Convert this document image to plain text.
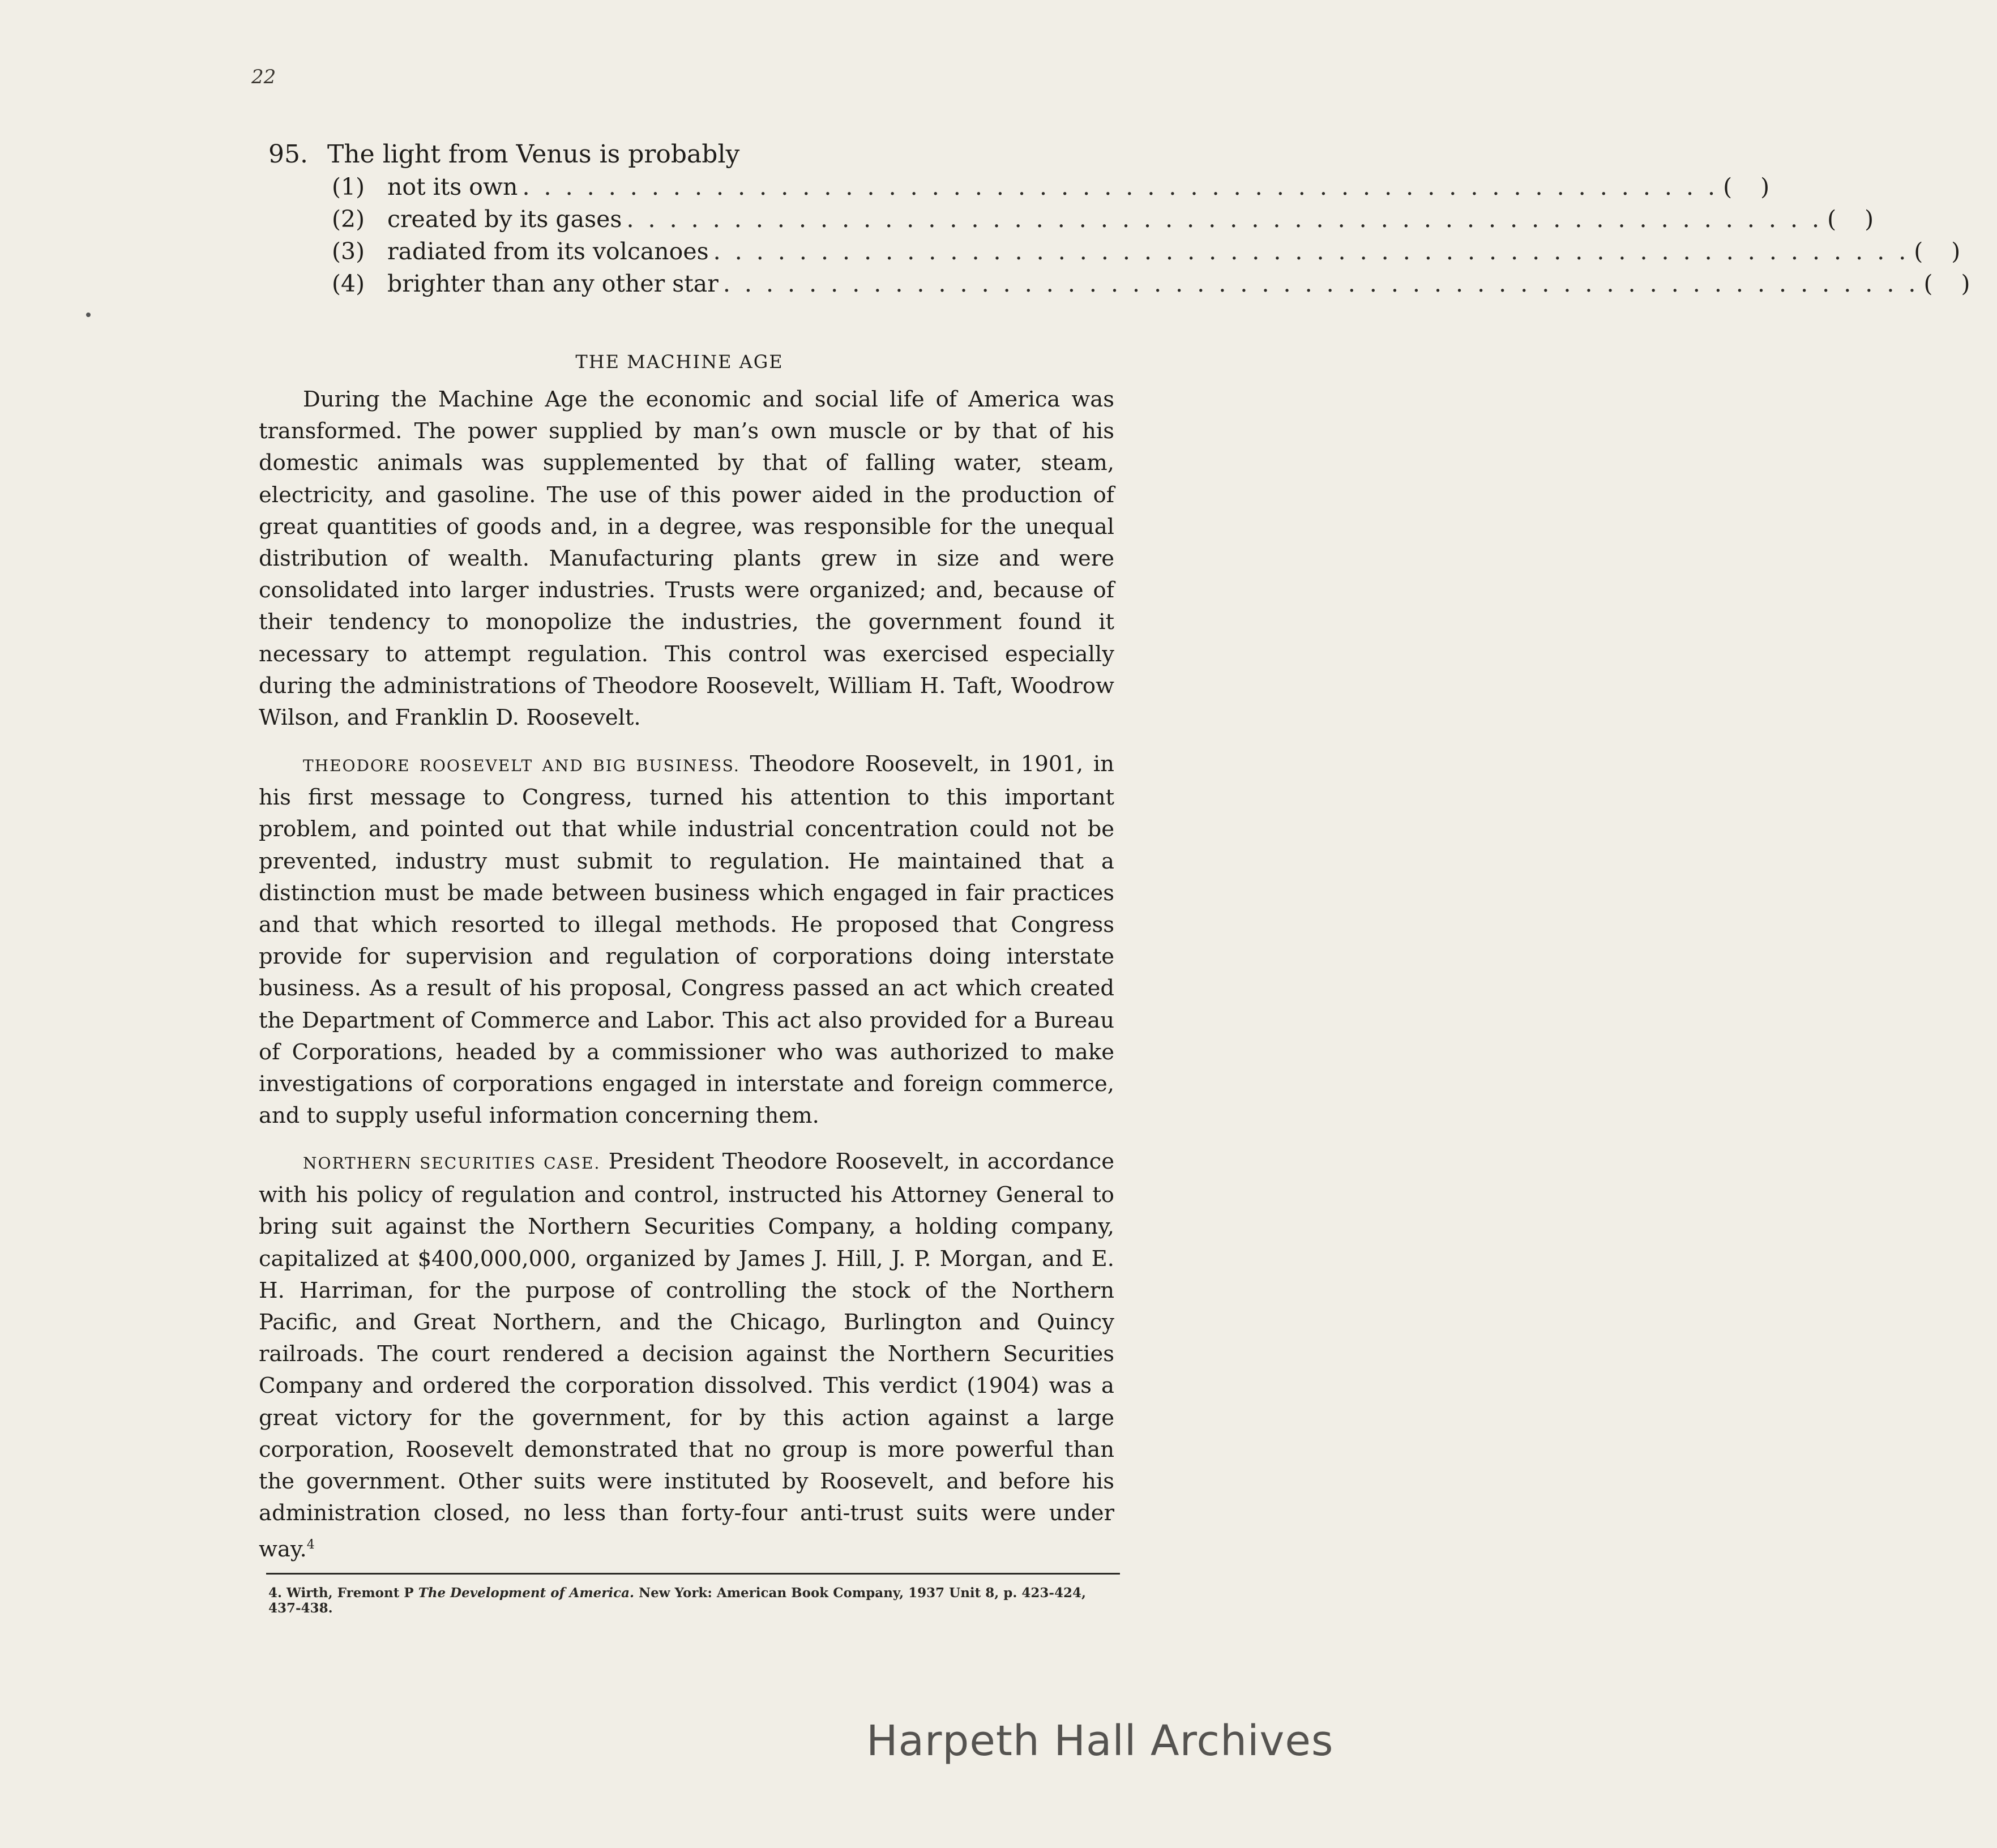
22
95. The light from Venus is probably
(1) not its own . . . . . . . . . . . . . . . . . . . . . . . . . . . . . . . . . . . . . . . . . . . . . . . . . . . . . . . . ( )
(2) created by its gases . . . . . . . . . . . . . . . . . . . . . . . . . . . . . . . . . . . . . . . . . . . . . . . . . . . . . . . . ( )
(3) radiated from its volcanoes . . . . . . . . . . . . . . . . . . . . . . . . . . . . . . . . . . . . . . . . . . . . . . . . . . . . . . . . ( )
(4) brighter than any other star . . . . . . . . . . . . . . . . . . . . . . . . . . . . . . . . . . . . . . . . . . . . . . . . . . . . . . . . ( )
THE MACHINE AGE

During the Machine Age the economic and social life of America was transformed. The power supplied by man’s own muscle or by that of his domestic animals was supplemented by that of falling water, steam, electricity, and gasoline. The use of this power aided in the production of great quantities of goods and, in a degree, was responsible for the unequal distribution of wealth. Manufacturing plants grew in size and were consolidated into larger industries. Trusts were organized; and, because of their tendency to monopolize the industries, the government found it necessary to attempt regulation. This control was exercised especially during the administrations of Theodore Roosevelt, William H. Taft, Woodrow Wilson, and Franklin D. Roosevelt.

THEODORE ROOSEVELT AND BIG BUSINESS. Theodore Roosevelt, in 1901, in his first message to Congress, turned his attention to this important problem, and pointed out that while industrial concentration could not be prevented, industry must submit to regulation. He maintained that a distinction must be made between business which engaged in fair practices and that which resorted to illegal methods. He proposed that Congress provide for supervision and regulation of corporations doing interstate business. As a result of his proposal, Congress passed an act which created the Department of Commerce and Labor. This act also provided for a Bureau of Corporations, headed by a commissioner who was authorized to make investigations of corporations engaged in interstate and foreign commerce, and to supply useful information concerning them.

NORTHERN SECURITIES CASE. President Theodore Roosevelt, in accordance with his policy of regulation and control, instructed his Attorney General to bring suit against the Northern Securities Company, a holding company, capitalized at $400,000,000, organized by James J. Hill, J. P. Morgan, and E. H. Harriman, for the purpose of controlling the stock of the Northern Pacific, and Great Northern, and the Chicago, Burlington and Quincy railroads. The court rendered a decision against the Northern Securities Company and ordered the corporation dissolved. This verdict (1904) was a great victory for the government, for by this action against a large corporation, Roosevelt demonstrated that no group is more powerful than the government. Other suits were instituted by Roosevelt, and before his administration closed, no less than forty-four anti-trust suits were under way.$^4$

4. Wirth, Fremont P The Development of America. New York: American Book Company, 1937 Unit 8, p. 423-424, 437-438.
Harpeth Hall Archives
